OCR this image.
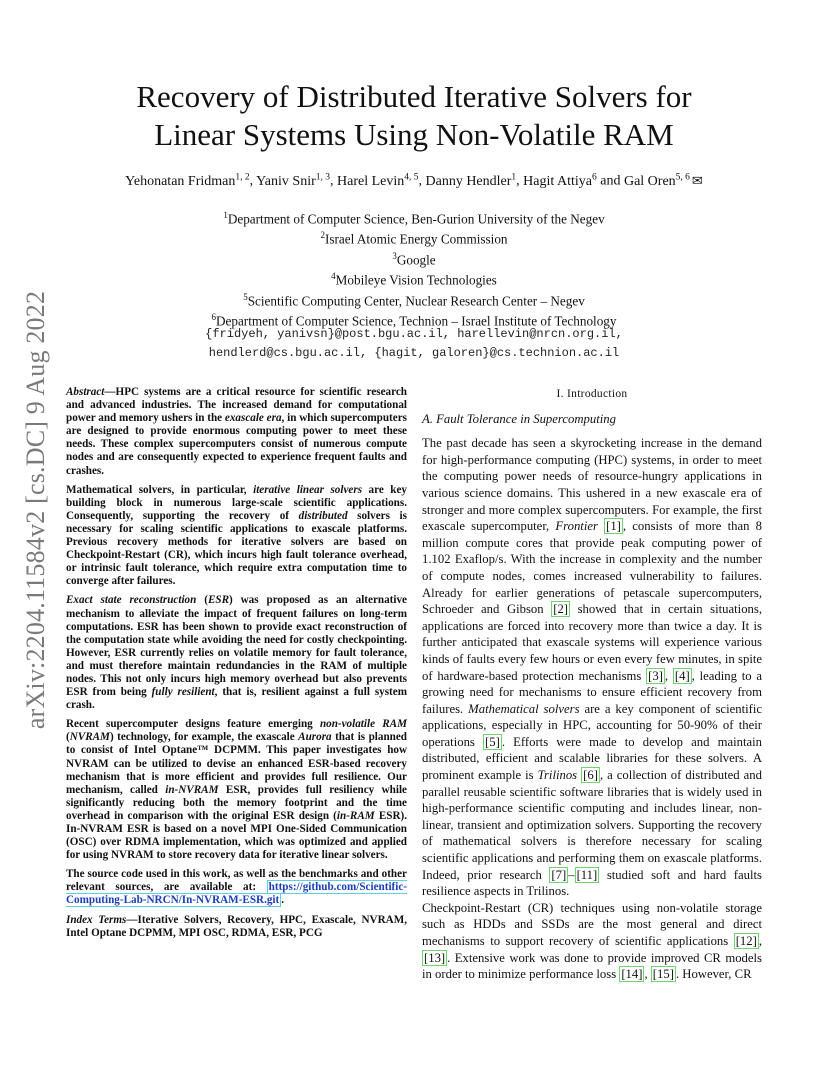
arXiv:2204.11584v2 [cs.DC] 9 Aug 2022
Recovery of Distributed Iterative Solvers for
Linear Systems Using Non-Volatile RAM
Yehonatan Fridman$^{1, 2}$, Yaniv Snir$^{1, 3}$, Harel Levin$^{4, 5}$, Danny Hendler$^1$, Hagit Attiya$^6$ and Gal Oren$^{5, 6}$ ✉
$^1$Department of Computer Science, Ben-Gurion University of the Negev
$^2$Israel Atomic Energy Commission
$^3$Google
$^4$Mobileye Vision Technologies
$^5$Scientific Computing Center, Nuclear Research Center – Negev
$^6$Department of Computer Science, Technion – Israel Institute of Technology
{fridyeh, yanivsn}@post.bgu.ac.il, harellevin@nrcn.org.il,
hendlerd@cs.bgu.ac.il, {hagit, galoren}@cs.technion.ac.il

Abstract—HPC systems are a critical resource for scientific research and advanced industries. The increased demand for computational power and memory ushers in the exascale era, in which supercomputers are designed to provide enormous computing power to meet these needs. These complex supercomputers consist of numerous compute nodes and are consequently expected to experience frequent faults and crashes.

Mathematical solvers, in particular, iterative linear solvers are key building block in numerous large-scale scientific applications. Consequently, supporting the recovery of distributed solvers is necessary for scaling scientific applications to exascale platforms. Previous recovery methods for iterative solvers are based on Checkpoint-Restart (CR), which incurs high fault tolerance overhead, or intrinsic fault tolerance, which require extra computation time to converge after failures.

Exact state reconstruction (ESR) was proposed as an alternative mechanism to alleviate the impact of frequent failures on long-term computations. ESR has been shown to provide exact reconstruction of the computation state while avoiding the need for costly checkpointing. However, ESR currently relies on volatile memory for fault tolerance, and must therefore maintain redundancies in the RAM of multiple nodes. This not only incurs high memory overhead but also prevents ESR from being fully resilient, that is, resilient against a full system crash.

Recent supercomputer designs feature emerging non-volatile RAM (NVRAM) technology, for example, the exascale Aurora that is planned to consist of Intel Optane™ DCPMM. This paper investigates how NVRAM can be utilized to devise an enhanced ESR-based recovery mechanism that is more efficient and provides full resilience. Our mechanism, called in-NVRAM ESR, provides full resiliency while significantly reducing both the memory footprint and the time overhead in comparison with the original ESR design (in-RAM ESR). In-NVRAM ESR is based on a novel MPI One-Sided Communication (OSC) over RDMA implementation, which was optimized and applied for using NVRAM to store recovery data for iterative linear solvers.

The source code used in this work, as well as the benchmarks and other relevant sources, are available at: https://github.com/Scientific-Computing-Lab-NRCN/In-NVRAM-ESR.git .

Index Terms—Iterative Solvers, Recovery, HPC, Exascale, NVRAM, Intel Optane DCPMM, MPI OSC, RDMA, ESR, PCG

I. Introduction
A. Fault Tolerance in Supercomputing

The past decade has seen a skyrocketing increase in the demand for high-performance computing (HPC) systems, in order to meet the computing power needs of resource-hungry applications in various science domains. This ushered in a new exascale era of stronger and more complex supercomputers. For example, the first exascale supercomputer, Frontier [1] , consists of more than 8 million compute cores that provide peak computing power of 1.102 Exaflop/s. With the increase in complexity and the number of compute nodes, comes increased vulnerability to failures. Already for earlier generations of petascale supercomputers, Schroeder and Gibson [2] showed that in certain situations, applications are forced into recovery more than twice a day. It is further anticipated that exascale systems will experience various kinds of faults every few hours or even every few minutes, in spite of hardware-based protection mechanisms [3] , [4] , leading to a growing need for mechanisms to ensure efficient recovery from failures. Mathematical solvers are a key component of scientific applications, especially in HPC, accounting for 50-90% of their operations [5] . Efforts were made to develop and maintain distributed, efficient and scalable libraries for these solvers. A prominent example is Trilinos [6] , a collection of distributed and parallel reusable scientific software libraries that is widely used in high-performance scientific computing and includes linear, non-linear, transient and optimization solvers. Supporting the recovery of mathematical solvers is therefore necessary for scaling scientific applications and performing them on exascale platforms. Indeed, prior research [7] – [11] studied soft and hard faults resilience aspects in Trilinos.

Checkpoint-Restart (CR) techniques using non-volatile storage such as HDDs and SSDs are the most general and direct mechanisms to support recovery of scientific applications [12] , [13] . Extensive work was done to provide improved CR models in order to minimize performance loss [14] , [15] . However, CR
